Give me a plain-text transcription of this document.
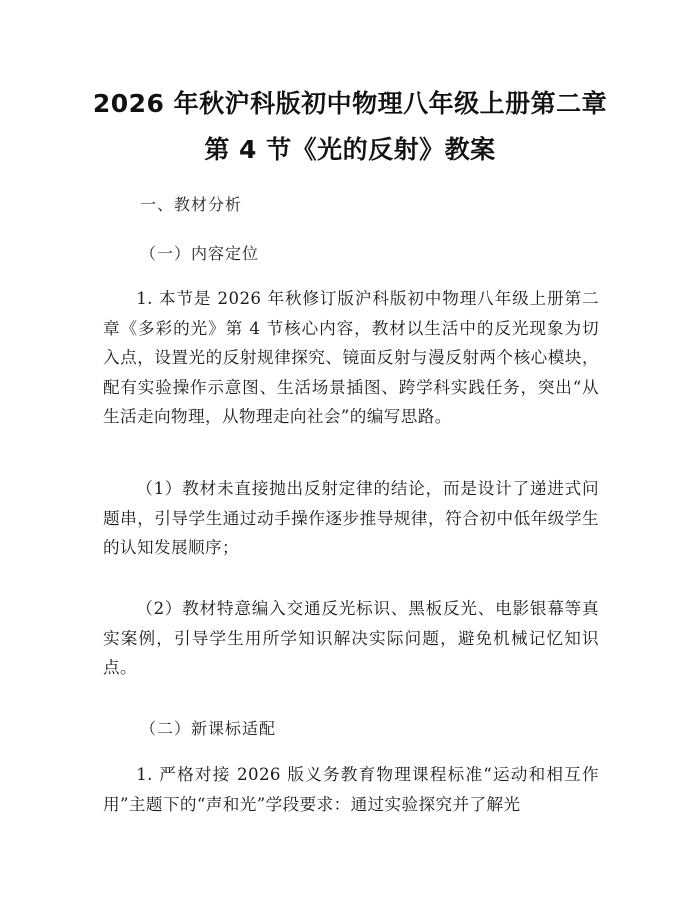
2026 年秋沪科版初中物理八年级上册第二章
第 4 节《光的反射》教案
一、教材分析
（一）内容定位
1. 本节是 2026 年秋修订版沪科版初中物理八年级上册第二章《多彩的光》第 4 节核心内容，教材以生活中的反光现象为切入点，设置光的反射规律探究、镜面反射与漫反射两个核心模块，配有实验操作示意图、生活场景插图、跨学科实践任务，突出“从生活走向物理，从物理走向社会”的编写思路。
（1）教材未直接抛出反射定律的结论，而是设计了递进式问题串，引导学生通过动手操作逐步推导规律，符合初中低年级学生的认知发展顺序；
（2）教材特意编入交通反光标识、黑板反光、电影银幕等真实案例，引导学生用所学知识解决实际问题，避免机械记忆知识点。
（二）新课标适配
1. 严格对接 2026 版义务教育物理课程标准“运动和相互作用”主题下的“声和光”学段要求：通过实验探究并了解光
